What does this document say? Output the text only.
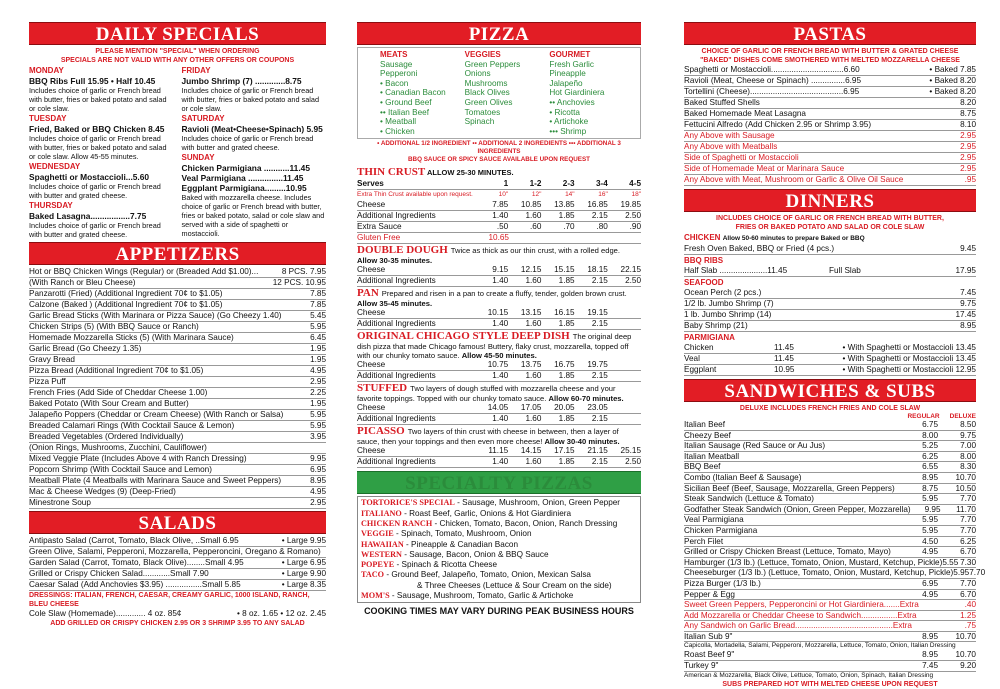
DAILY SPECIALS
PLEASE MENTION "SPECIAL" WHEN ORDERING
SPECIALS ARE NOT VALID WITH ANY OTHER OFFERS OR COUPONS
MONDAY
BBQ Ribs Full 15.95 • Half 10.45
Includes choice of garlic or French bread with butter, fries or baked potato and salad or cole slaw.
TUESDAY
Fried, Baked or BBQ Chicken 8.45
Includes choice of garlic or French bread with butter, fries or baked potato and salad or cole slaw. Allow 45-55 minutes.
WEDNESDAY
Spaghetti or Mostaccioli...5.60
Includes choice of garlic or French bread with butter and grated cheese.
THURSDAY
Baked Lasagna.................7.75
Includes choice of garlic or French bread with butter and grated cheese.
FRIDAY
Jumbo Shrimp (7) .............8.75
Includes choice of garlic or French bread with butter, fries or baked potato and salad or cole slaw.
SATURDAY
Ravioli (Meat•Cheese•Spinach) 5.95
Includes choice of garlic or French bread with butter and grated cheese.
SUNDAY
Chicken Parmigiana ...........11.45
Veal Parmigiana ...............11.45
Eggplant Parmigiana.........10.95
Baked with mozzarella cheese. Includes choice of garlic or French bread with butter, fries or baked potato, salad or cole slaw and served with a side of spaghetti or mostaccioli.
APPETIZERS
Hot or BBQ Chicken Wings (Regular) or (Breaded Add $1.00)...	8 PCS. 7.95
(With Ranch or Bleu Cheese)	12 PCS. 10.95
Panzarotti (Fried) (Additional Ingredient 70¢ to $1.05)	7.85
Calzone (Baked ) (Additional Ingredient 70¢ to $1.05)	7.85
Garlic Bread Sticks (With Marinara or Pizza Sauce) (Go Cheezy 1.40)	5.45
Chicken Strips (5) (With BBQ Sauce or Ranch)	5.95
Homemade Mozzarella Sticks (5) (With Marinara Sauce)	6.45
Garlic Bread (Go Cheezy 1.35)	1.95
Gravy Bread	1.95
Pizza Bread (Additional Ingredient 70¢ to $1.05)	4.95
Pizza Puff	2.95
French Fries (Add Side of Cheddar Cheese 1.00)	2.25
Baked Potato (With Sour Cream and Butter)	1.95
Jalapeño Poppers (Cheddar or Cream Cheese) (With Ranch or Salsa)	5.95
Breaded Calamari Rings (With Cocktail Sauce & Lemon)	5.95
Breaded Vegetables (Ordered Individually)	3.95
(Onion Rings, Mushrooms, Zucchini, Cauliflower)
Mixed Veggie Plate (Includes Above 4 with Ranch Dressing)	9.95
Popcorn Shrimp (With Cocktail Sauce and Lemon)	6.95
Meatball Plate (4 Meatballs with Marinara Sauce and Sweet Peppers)	8.95
Mac & Cheese Wedges (9) (Deep-Fried)	4.95
Minestrone Soup	2.95
SALADS
Antipasto Salad (Carrot, Tomato, Black Olive, ..Small 6.95	• Large 9.95
Green Olive, Salami, Pepperoni, Mozzarella, Pepperoncini, Oregano & Romano)
Garden Salad (Carrot, Tomato, Black Olive)........Small 4.95	• Large 6.95
Grilled or Crispy Chicken Salad............Small 7.90	• Large 9.90
Caesar Salad (Add Anchovies $3.95) ................Small 5.85	• Large 8.35
DRESSINGS: ITALIAN, FRENCH, CAESAR, CREAMY GARLIC, 1000 ISLAND, RANCH, BLEU CHEESE
Cole Slaw (Homemade)............. 4 oz. 85¢	• 8 oz. 1.65 • 12 oz. 2.45
ADD GRILLED OR CRISPY CHICKEN 2.95 OR 3 SHRIMP 3.95 TO ANY SALAD
PIZZA
MEATS
Sausage
Pepperoni
• Bacon
• Canadian Bacon
• Ground Beef
•• Italian Beef
• Meatball
• Chicken
VEGGIES
Green Peppers
Onions
Mushrooms
Black Olives
Green Olives
Tomatoes
Spinach
GOURMET
Fresh Garlic
Pineapple
Jalapeño
Hot Giardiniera
•• Anchovies
• Ricotta
• Artichoke
••• Shrimp
• ADDITIONAL 1/2 INGREDIENT •• ADDITIONAL 2 INGREDIENTS ••• ADDITIONAL 3 INGREDIENTS
BBQ SAUCE OR SPICY SAUCE AVAILABLE UPON REQUEST
THIN CRUST ALLOW 25-30 MINUTES.
Serves	1	1-2	2-3	3-4	4-5
Extra Thin Crust available upon request.	10"	12"	14"	16"	18"
Cheese	7.85	10.85	13.85	16.85	19.85
Additional Ingredients	1.40	1.60	1.85	2.15	2.50
Extra Sauce	.50	.60	.70	.80	.90
Gluten Free	10.65
DOUBLE DOUGH Twice as thick as our thin crust, with a rolled edge. Allow 30-35 minutes.
Cheese	9.15	12.15	15.15	18.15	22.15
Additional Ingredients	1.40	1.60	1.85	2.15	2.50
PAN Prepared and risen in a pan to create a fluffy, tender, golden brown crust. Allow 35-45 minutes.
Cheese	10.15	13.15	16.15	19.15
Additional Ingredients	1.40	1.60	1.85	2.15
ORIGINAL CHICAGO STYLE DEEP DISH The original deep dish pizza that made Chicago famous! Buttery, flaky crust, mozzarella, topped off with our chunky tomato sauce. Allow 45-50 minutes.
Cheese	10.75	13.75	16.75	19.75
Additional Ingredients	1.40	1.60	1.85	2.15
STUFFED Two layers of dough stuffed with mozzarella cheese and your favorite toppings. Topped with our chunky tomato sauce. Allow 60-70 minutes.
Cheese	14.05	17.05	20.05	23.05
Additional Ingredients	1.40	1.60	1.85	2.15
PICASSO Two layers of thin crust with cheese in between, then a layer of sauce, then your toppings and then even more cheese! Allow 30-40 minutes.
Cheese	11.15	14.15	17.15	21.15	25.15
Additional Ingredients	1.40	1.60	1.85	2.15	2.50
SPECIALTY PIZZAS
TORTORICE'S SPECIAL - Sausage, Mushroom, Onion, Green Pepper
ITALIANO - Roast Beef, Garlic, Onions & Hot Giardiniera
CHICKEN RANCH - Chicken, Tomato, Bacon, Onion, Ranch Dressing
VEGGIE - Spinach, Tomato, Mushroom, Onion
HAWAIIAN - Pineapple & Canadian Bacon
WESTERN - Sausage, Bacon, Onion & BBQ Sauce
POPEYE - Spinach & Ricotta Cheese
TACO - Ground Beef, Jalapeño, Tomato, Onion, Mexican Salsa
& Three Cheeses (Lettuce & Sour Cream on the side)
MOM'S - Sausage, Mushroom, Tomato, Garlic & Artichoke
COOKING TIMES MAY VARY DURING PEAK BUSINESS HOURS
PASTAS
CHOICE OF GARLIC OR FRENCH BREAD WITH BUTTER & GRATED CHEESE
"BAKED" DISHES COME SMOTHERED WITH MELTED MOZZARELLA CHEESE
Spaghetti or Mostaccioli................................6.60	• Baked 7.85
Ravioli (Meat, Cheese or Spinach) ...............6.95	• Baked 8.20
Tortellini (Cheese).........................................6.95	• Baked 8.20
Baked Stuffed Shells	8.20
Baked Homemade Meat Lasagna	8.75
Fettucini Alfredo (Add Chicken 2.95 or Shrimp 3.95)	8.10
Any Above with Sausage	2.95
Any Above with Meatballs	2.95
Side of Spaghetti or Mostaccioli	2.95
Side of Homemade Meat or Marinara Sauce	2.95
Any Above with Meat, Mushroom or Garlic & Olive Oil Sauce	.95
DINNERS
INCLUDES CHOICE OF GARLIC OR FRENCH BREAD WITH BUTTER,
FRIES OR BAKED POTATO AND SALAD OR COLE SLAW
CHICKEN
Allow 50-60 minutes to prepare Baked or BBQ
Fresh Oven Baked, BBQ or Fried (4 pcs.)	9.45
BBQ RIBS
Half Slab .....................11.45	Full Slab	17.95
SEAFOOD
Ocean Perch (2 pcs.)	7.45
1/2 lb. Jumbo Shrimp (7)	9.75
1 lb. Jumbo Shrimp (14)	17.45
Baby Shrimp (21)	8.95
PARMIGIANA
Chicken	11.45	• With Spaghetti or Mostaccioli 13.45
Veal	11.45	• With Spaghetti or Mostaccioli 13.45
Eggplant	10.95	• With Spaghetti or Mostaccioli 12.95
SANDWICHES & SUBS
DELUXE INCLUDES FRENCH FRIES AND COLE SLAW
REGULAR DELUXE
Italian Beef	6.75	8.50
Cheezy Beef	8.00	9.75
Italian Sausage (Red Sauce or Au Jus)	5.25	7.00
Italian Meatball	6.25	8.00
BBQ Beef	6.55	8.30
Combo (Italian Beef & Sausage)	8.95	10.70
Sicilian Beef (Beef, Sausage, Mozzarella, Green Peppers)	8.75	10.50
Steak Sandwich (Lettuce & Tomato)	5.95	7.70
Godfather Steak Sandwich (Onion, Green Pepper, Mozzarella)	9.95	11.70
Veal Parmigiana	5.95	7.70
Chicken Parmigiana	5.95	7.70
Perch Filet	4.50	6.25
Grilled or Crispy Chicken Breast (Lettuce, Tomato, Mayo)	4.95	6.70
Hamburger (1/3 lb.) (Lettuce, Tomato, Onion, Mustard, Ketchup, Pickle) 5.55 7.30
Cheeseburger (1/3 lb.) (Lettuce, Tomato, Onion, Mustard, Ketchup, Pickle) 5.95 7.70
Pizza Burger (1/3 lb.)	6.95	7.70
Pepper & Egg	4.95	6.70
Sweet Green Peppers, Pepperoncini or Hot Giardiniera.......Extra	.40
Add Mozzarella or Cheddar Cheese to Sandwich................Extra	1.25
Any Sandwich on Garlic Bread...........................................Extra	.75
Italian Sub 9"	8.95	10.70
Capicolla, Mortadella, Salami, Pepperoni, Mozzarella, Lettuce, Tomato, Onion, Italian Dressing
Roast Beef 9"	8.95	10.70
Turkey 9"	7.45	9.20
American & Mozzarella, Black Olive, Lettuce, Tomato, Onion, Spinach, Italian Dressing
SUBS PREPARED HOT WITH MELTED CHEESE UPON REQUEST
